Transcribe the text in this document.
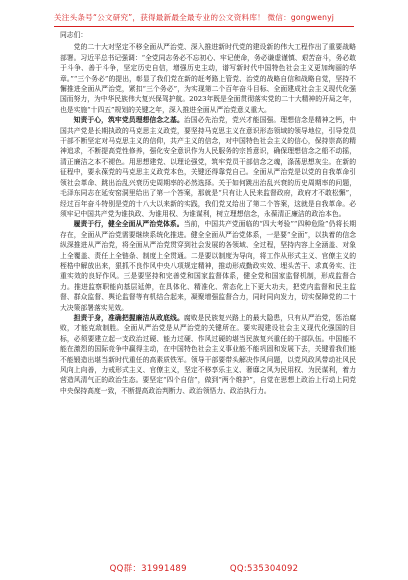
关注头条号“公文研究”，获得最新最全最专业的公文资料库！ 微信：gongwenyj

同志们：

党的二十大对坚定不移全面从严治党、深入推进新时代党的建设新的伟大工程作出了重要战略部署。习近平总书记强调：“全党同志务必不忘初心、牢记使命，务必谦虚谨慎、艰苦奋斗，务必敢于斗争、善于斗争，坚定历史自信，增强历史主动，谱写新时代中国特色社会主义更加绚丽的华章。”“三个务必”的提出，彰显了我们党在新的赶考路上管党、治党的战略自信和战略自觉，坚持不懈推进全面从严治党，紧扣“三个务必”，为实现第二个百年奋斗目标、全面建成社会主义现代化强国而努力，为中华民族伟大复兴保驾护航。2023年既是全面贯彻落实党的二十大精神的开局之年，也是实施“十四五”规划的关键之年，深入推进全面从严治党意义重大。

知责于心，筑牢党员理想信念之基。治国必先治党，党兴才能国强。理想信念是精神之钙，中国共产党是长期执政的马克思主义政党，要坚持马克思主义在意识形态领域的领导地位，引导党员干部不断坚定对马克思主义的信仰，共产主义的信念，对中国特色社会主义的信心，保持崇高的精神追求，不断提高党性修养，强化安全意识作为人民服务的宗旨意识，确保理想信念之船不动摇，清正廉洁之本不褪色。用思想建党、以理论强党，筑牢党员干部信念之魂，涤荡思想灰尘。在新的征程中，要永葆党的马克思主义政党本色，关键还得靠党自己。全面从严治党是以党的自我革命引领社会革命、跳出治乱兴衰历史周期率的必然选择。关于如何跳出治乱兴衰的历史周期率的问题，毛泽东同志在延安窑洞里给出了第一个答案，那就是“只有让人民来监督政府，政府才不敢松懈”，经过百年奋斗特别是党的十八大以来新的实践，我们党又给出了第二个答案，这就是自我革命。必须牢记中国共产党为谁执政、为谁用权、为谁谋利，树立理想信念，永葆清正廉洁的政治本色。

履责于行，健全全面从严治党体系。当前，中国共产党面临的“四大考验”“四种危险”仍将长期存在，全面从严治党需要继续系统化推进。健全全面从严治党体系，一是要“全面”，以执着的信念纵深推进从严治党，将全面从严治党贯穿到社会发展的各领域、全过程，坚持内容上全涵盖、对象上全覆盖、责任上全链条、制度上全贯通。二是要以制度为导向，将工作从形式主义、官僚主义的桎梏中解放出来，狠抓不良作风中央八项规定精神，推动形成勤政实效、埋头苦干、求真务实、注重实效的良好作风。三是要坚持和完善党和国家监督体系，健全党和国家监督机制，形成监督合力。推进监察职能向基层延伸，在具体化、精准化、常态化上下更大功夫，把党内监督和民主监督、群众监督、舆论监督等有机结合起来，凝聚增强监督合力，同时同向发力，切实保障党的二十大决策部署落实见效。

担责于身，准确把握廉洁从政底线。腐败是民族复兴路上的最大隐患，只有从严治党，惩治腐败，才能克敌制胜。全面从严治党是从严治党的关键所在。要实现建设社会主义现代化强国的目标，必须要建立起一支政治过硬、能力过硬、作风过硬的堪当民族复兴重任的干部队伍。中国能不能在激烈的国际竞争中赢得主动，在中国特色社会主义事业能不能巩固和发展下去，关键看我们能不能锻造出堪当新时代重任的高素质铁军。领导干部要带头解决作风问题，以党风政风带动社风民风向上向善，力戒形式主义、官僚主义，坚定不移享乐主义、奢靡之风为民用权、为民谋利，着力营造风清气正的政治生态。要坚定“四个自信”，做到“两个维护”，自觉在思想上政治上行动上同党中央保持高度一致，不断提高政治判断力、政治领悟力、政治执行力。

QQ群：31991489	QQ:535304092
